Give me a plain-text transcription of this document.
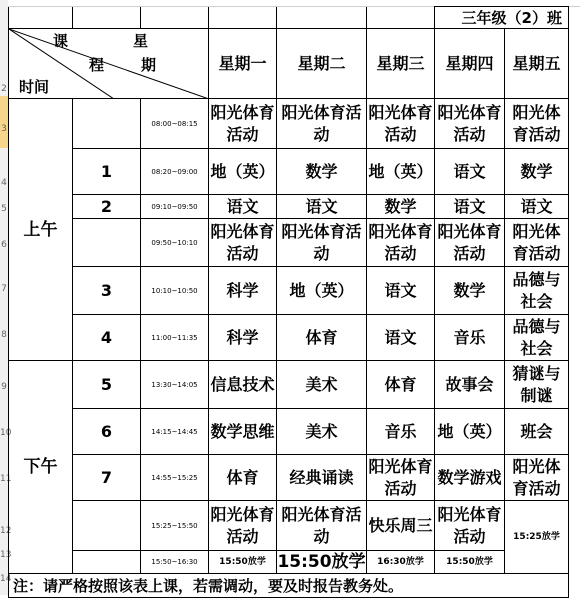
2
3
4
5
6
7
8
9
10
11
12
13
14
						三年级（2）班	

课
程
星
期
时间			星期一	星期二	星期三	星期四	星期五
上午		08:00~08:15	阳光体育活动	阳光体育活动	阳光体育活动	阳光体育活动	阳光体育活动
	1	08:20~09:00	地（英）	数学	地（英）	语文	数学
	2	09:10~09:50	语文	语文	数学	语文	语文
		09:50~10:10	阳光体育活动	阳光体育活动	阳光体育活动	阳光体育活动	阳光体育活动
	3	10:10~10:50	科学	地（英）	语文	数学	品德与社会
	4	11:00~11:35	科学	体育	语文	音乐	品德与社会
下午	5	13:30~14:05	信息技术	美术	体育	故事会	猜谜与制谜
	6	14:15~14:45	数学思维	美术	音乐	地（英）	班会
	7	14:55~15:25	体育	经典诵读	阳光体育活动	数学游戏	阳光体育活动
		15:25~15:50	阳光体育活动	阳光体育活动	快乐周三	阳光体育活动	15:25放学
		15:50~16:30	15:50放学	15:50放学	16:30放学	15:50放学	
注：请严格按照该表上课，若需调动，要及时报告教务处。							
